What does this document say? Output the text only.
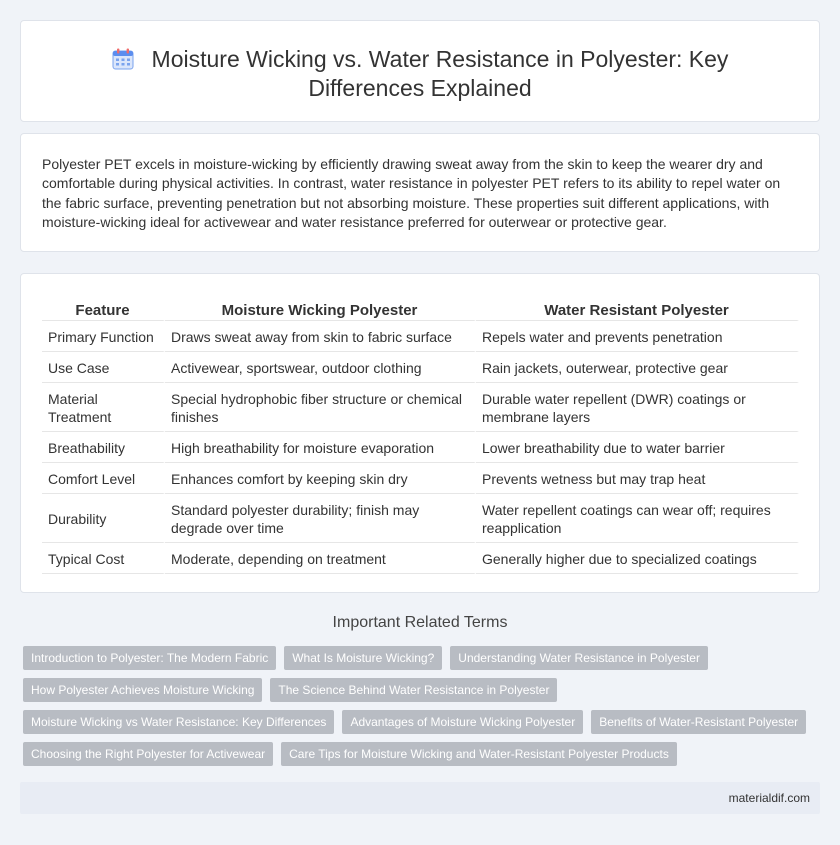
Moisture Wicking vs. Water Resistance in Polyester: Key Differences Explained

Polyester PET excels in moisture-wicking by efficiently drawing sweat away from the skin to keep the wearer dry and comfortable during physical activities. In contrast, water resistance in polyester PET refers to its ability to repel water on the fabric surface, preventing penetration but not absorbing moisture. These properties suit different applications, with moisture-wicking ideal for activewear and water resistance preferred for outerwear or protective gear.

Feature	Moisture Wicking Polyester	Water Resistant Polyester
Primary Function	Draws sweat away from skin to fabric surface	Repels water and prevents penetration
Use Case	Activewear, sportswear, outdoor clothing	Rain jackets, outerwear, protective gear
Material Treatment	Special hydrophobic fiber structure or chemical finishes	Durable water repellent (DWR) coatings or membrane layers
Breathability	High breathability for moisture evaporation	Lower breathability due to water barrier
Comfort Level	Enhances comfort by keeping skin dry	Prevents wetness but may trap heat
Durability	Standard polyester durability; finish may degrade over time	Water repellent coatings can wear off; requires reapplication
Typical Cost	Moderate, depending on treatment	Generally higher due to specialized coatings
Important Related Terms
Introduction to Polyester: The Modern Fabric	What Is Moisture Wicking?	Understanding Water Resistance in Polyester
How Polyester Achieves Moisture Wicking	The Science Behind Water Resistance in Polyester
Moisture Wicking vs Water Resistance: Key Differences	Advantages of Moisture Wicking Polyester	Benefits of Water-Resistant Polyester
Choosing the Right Polyester for Activewear	Care Tips for Moisture Wicking and Water-Resistant Polyester Products
materialdif.com
